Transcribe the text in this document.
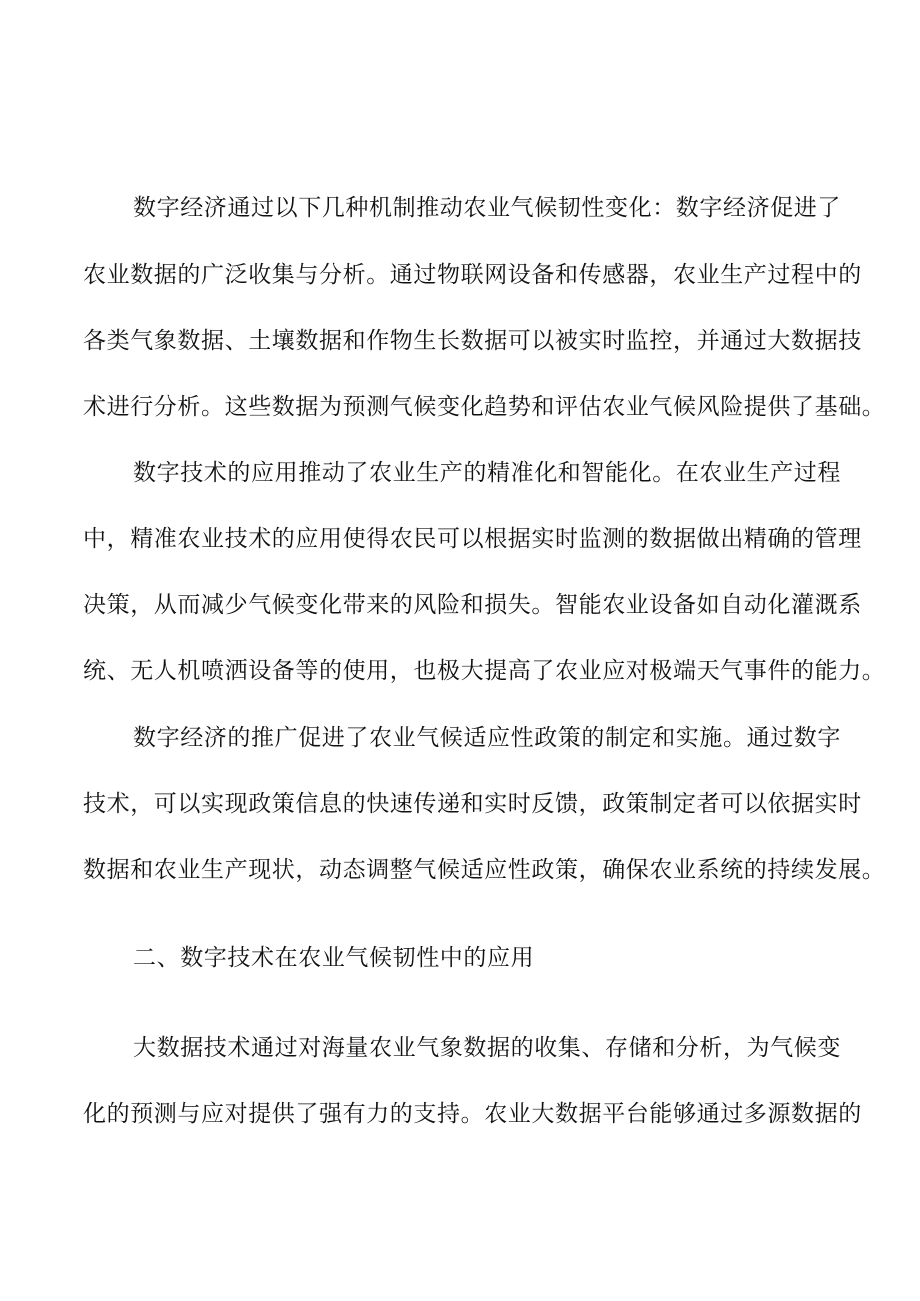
数字经济通过以下几种机制推动农业气候韧性变化：数字经济促进了
农业数据的广泛收集与分析。通过物联网设备和传感器，农业生产过程中的
各类气象数据、土壤数据和作物生长数据可以被实时监控，并通过大数据技
术进行分析。这些数据为预测气候变化趋势和评估农业气候风险提供了基础。
数字技术的应用推动了农业生产的精准化和智能化。在农业生产过程
中，精准农业技术的应用使得农民可以根据实时监测的数据做出精确的管理
决策，从而减少气候变化带来的风险和损失。智能农业设备如自动化灌溉系
统、无人机喷洒设备等的使用，也极大提高了农业应对极端天气事件的能力。
数字经济的推广促进了农业气候适应性政策的制定和实施。通过数字
技术，可以实现政策信息的快速传递和实时反馈，政策制定者可以依据实时
数据和农业生产现状，动态调整气候适应性政策，确保农业系统的持续发展。
二、数字技术在农业气候韧性中的应用
大数据技术通过对海量农业气象数据的收集、存储和分析，为气候变
化的预测与应对提供了强有力的支持。农业大数据平台能够通过多源数据的
